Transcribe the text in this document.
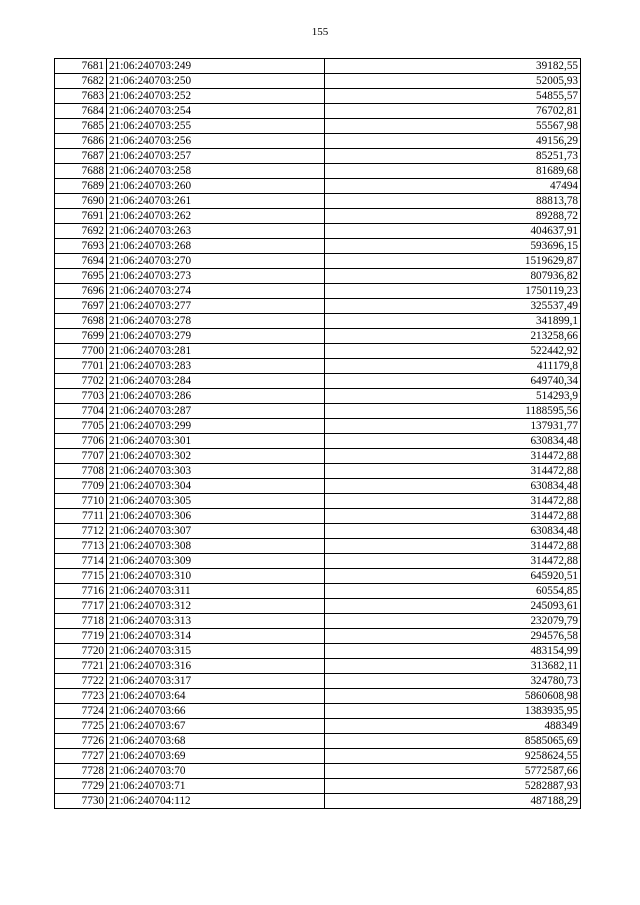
155
7681	21:06:240703:249	39182,55
7682	21:06:240703:250	52005,93
7683	21:06:240703:252	54855,57
7684	21:06:240703:254	76702,81
7685	21:06:240703:255	55567,98
7686	21:06:240703:256	49156,29
7687	21:06:240703:257	85251,73
7688	21:06:240703:258	81689,68
7689	21:06:240703:260	47494
7690	21:06:240703:261	88813,78
7691	21:06:240703:262	89288,72
7692	21:06:240703:263	404637,91
7693	21:06:240703:268	593696,15
7694	21:06:240703:270	1519629,87
7695	21:06:240703:273	807936,82
7696	21:06:240703:274	1750119,23
7697	21:06:240703:277	325537,49
7698	21:06:240703:278	341899,1
7699	21:06:240703:279	213258,66
7700	21:06:240703:281	522442,92
7701	21:06:240703:283	411179,8
7702	21:06:240703:284	649740,34
7703	21:06:240703:286	514293,9
7704	21:06:240703:287	1188595,56
7705	21:06:240703:299	137931,77
7706	21:06:240703:301	630834,48
7707	21:06:240703:302	314472,88
7708	21:06:240703:303	314472,88
7709	21:06:240703:304	630834,48
7710	21:06:240703:305	314472,88
7711	21:06:240703:306	314472,88
7712	21:06:240703:307	630834,48
7713	21:06:240703:308	314472,88
7714	21:06:240703:309	314472,88
7715	21:06:240703:310	645920,51
7716	21:06:240703:311	60554,85
7717	21:06:240703:312	245093,61
7718	21:06:240703:313	232079,79
7719	21:06:240703:314	294576,58
7720	21:06:240703:315	483154,99
7721	21:06:240703:316	313682,11
7722	21:06:240703:317	324780,73
7723	21:06:240703:64	5860608,98
7724	21:06:240703:66	1383935,95
7725	21:06:240703:67	488349
7726	21:06:240703:68	8585065,69
7727	21:06:240703:69	9258624,55
7728	21:06:240703:70	5772587,66
7729	21:06:240703:71	5282887,93
7730	21:06:240704:112	487188,29
